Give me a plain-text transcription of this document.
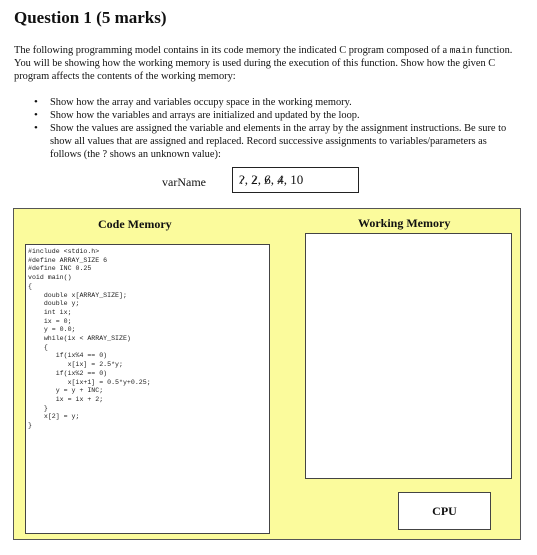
Question 1 (5 marks)

The following programming model contains in its code memory the indicated C program composed of a main function. You will be showing how the working memory is used during the execution of this function. Show how the given C program affects the contents of the working memory:

• Show how the array and variables occupy space in the working memory.
• Show how the variables and arrays are initialized and updated by the loop.
• Show the values are assigned the variable and elements in the array by the assignment instructions. Be sure to show all values that are assigned and replaced. Record successive assignments to variables/parameters as follows (the ? shows an unknown value):
varName	?, 2, 6, 4, 10
Code Memory	Working Memory
#include <stdio.h>
#define ARRAY_SIZE 6
#define INC 0.25
void main()
{
double x[ARRAY_SIZE];
double y;
int ix;
ix = 0;
y = 0.0;
while(ix < ARRAY_SIZE)
{
if(ix%4 == 0)
x[ix] = 2.5*y;
if(ix%2 == 0)
x[ix+1] = 0.5*y+0.25;
y = y + INC;
ix = ix + 2;
}
x[2] = y;
}

CPU
